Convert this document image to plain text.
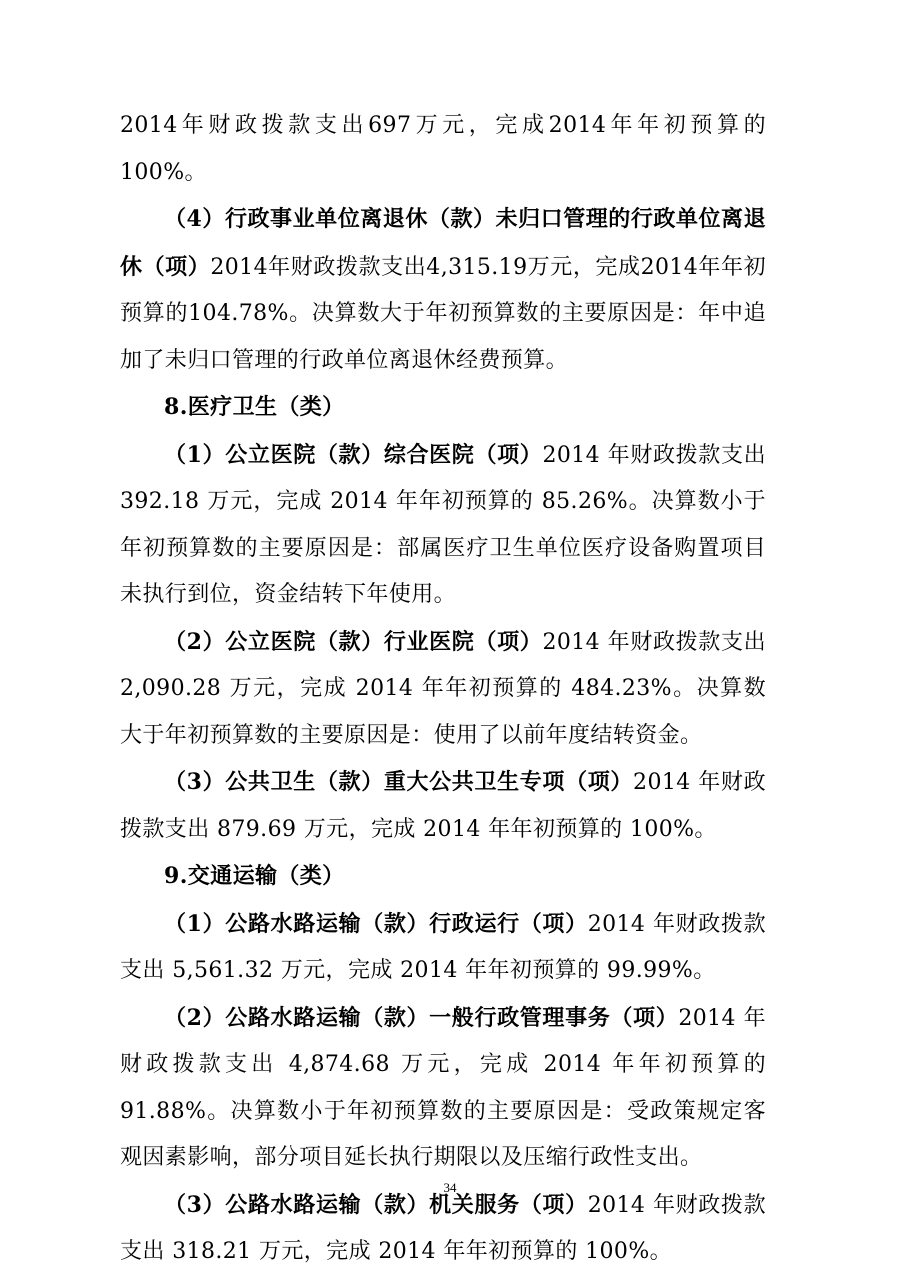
2014年财政拨款支出697万元，完成2014年年初预算的100%。

（4）行政事业单位离退休（款）未归口管理的行政单位离退休（项）2014年财政拨款支出4,315.19万元，完成2014年年初预算的104.78%。决算数大于年初预算数的主要原因是：年中追加了未归口管理的行政单位离退休经费预算。

8.医疗卫生（类）

（1）公立医院（款）综合医院（项）2014 年财政拨款支出 392.18 万元，完成 2014 年年初预算的 85.26%。决算数小于年初预算数的主要原因是：部属医疗卫生单位医疗设备购置项目未执行到位，资金结转下年使用。

（2）公立医院（款）行业医院（项）2014 年财政拨款支出 2,090.28 万元，完成 2014 年年初预算的 484.23%。决算数大于年初预算数的主要原因是：使用了以前年度结转资金。

（3）公共卫生（款）重大公共卫生专项（项）2014 年财政拨款支出 879.69 万元，完成 2014 年年初预算的 100%。

9.交通运输（类）

（1）公路水路运输（款）行政运行（项）2014 年财政拨款支出 5,561.32 万元，完成 2014 年年初预算的 99.99%。

（2）公路水路运输（款）一般行政管理事务（项）2014 年财政拨款支出 4,874.68 万元，完成 2014 年年初预算的 91.88%。决算数小于年初预算数的主要原因是：受政策规定客观因素影响，部分项目延长执行期限以及压缩行政性支出。

（3）公路水路运输（款）机关服务（项）2014 年财政拨款支出 318.21 万元，完成 2014 年年初预算的 100%。

34
